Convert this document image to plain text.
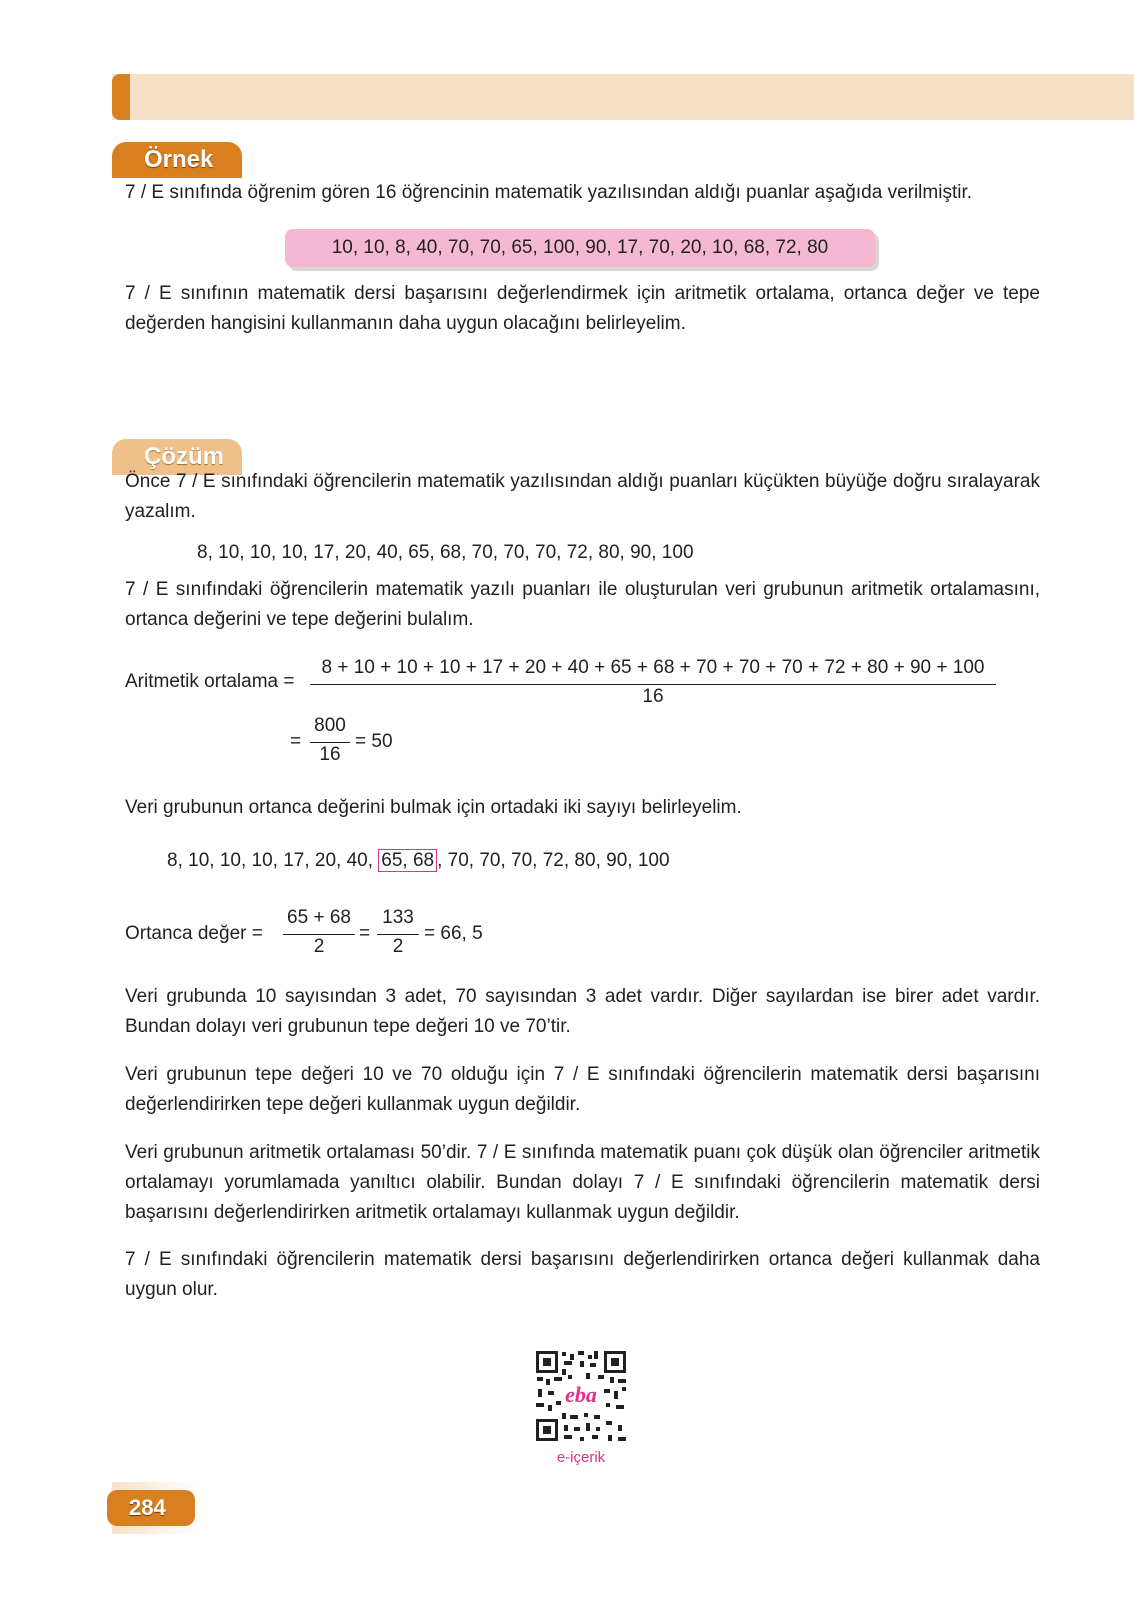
Örnek
7 / E sınıfında öğrenim gören 16 öğrencinin matematik yazılısından aldığı puanlar aşağıda verilmiştir.
10, 10, 8, 40, 70, 70, 65, 100, 90, 17, 70, 20, 10, 68, 72, 80
7 / E sınıfının matematik dersi başarısını değerlendirmek için aritmetik ortalama, ortanca değer ve tepe değerden hangisini kullanmanın daha uygun olacağını belirleyelim.
Çözüm
Önce 7 / E sınıfındaki öğrencilerin matematik yazılısından aldığı puanları küçükten büyüğe doğru sıralayarak yazalım.
8, 10, 10, 10, 17, 20, 40, 65, 68, 70, 70, 70, 72, 80, 90, 100
7 / E sınıfındaki öğrencilerin matematik yazılı puanları ile oluşturulan veri grubunun aritmetik ortalamasını, ortanca değerini ve tepe değerini bulalım.
Aritmetik ortalama =
8 + 10 + 10 + 10 + 17 + 20 + 40 + 65 + 68 + 70 + 70 + 70 + 72 + 80 + 90 + 100
16
=
800
16
= 50
Veri grubunun ortanca değerini bulmak için ortadaki iki sayıyı belirleyelim.
8, 10, 10, 10, 17, 20, 40, 65, 68 , 70, 70, 70, 72, 80, 90, 100
Ortanca değer =
65 + 68
2
=
133
2
= 66, 5
Veri grubunda 10 sayısından 3 adet, 70 sayısından 3 adet vardır. Diğer sayılardan ise birer adet vardır. Bundan dolayı veri grubunun tepe değeri 10 ve 70’tir.
Veri grubunun tepe değeri 10 ve 70 olduğu için 7 / E sınıfındaki öğrencilerin matematik dersi başarısını değerlendirirken tepe değeri kullanmak uygun değildir.
Veri grubunun aritmetik ortalaması 50’dir. 7 / E sınıfında matematik puanı çok düşük olan öğrenciler aritmetik ortalamayı yorumlamada yanıltıcı olabilir. Bundan dolayı 7 / E sınıfındaki öğrencilerin matematik dersi başarısını değerlendirirken aritmetik ortalamayı kullanmak uygun değildir.
7 / E sınıfındaki öğrencilerin matematik dersi başarısını değerlendirirken ortanca değeri kullanmak daha uygun olur.
eba
e-içerik
284
